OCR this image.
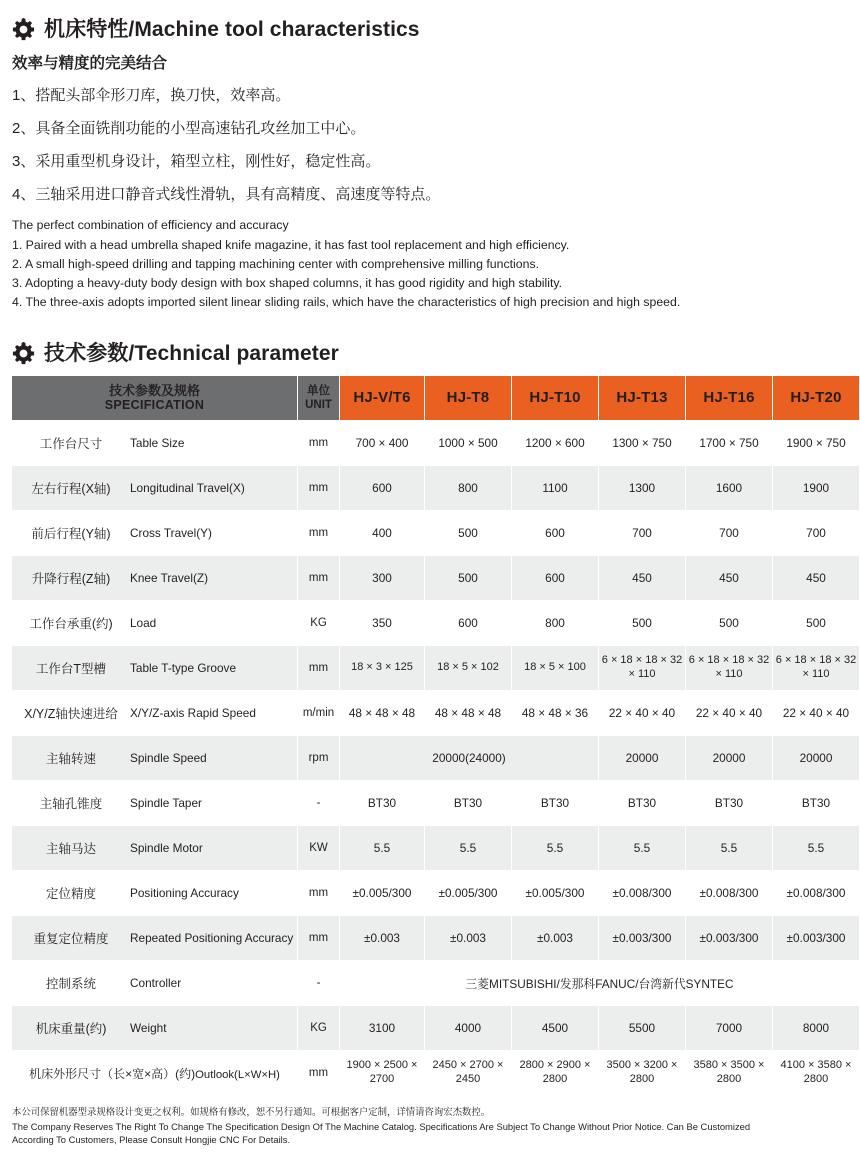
机床特性/Machine tool characteristics
效率与精度的完美结合
1、搭配头部伞形刀库，换刀快，效率高。
2、具备全面铣削功能的小型高速钻孔攻丝加工中心。
3、采用重型机身设计，箱型立柱，刚性好，稳定性高。
4、三轴采用进口静音式线性滑轨，具有高精度、高速度等特点。
The perfect combination of efficiency and accuracy
1. Paired with a head umbrella shaped knife magazine, it has fast tool replacement and high efficiency.
2. A small high-speed drilling and tapping machining center with comprehensive milling functions.
3. Adopting a heavy-duty body design with box shaped columns, it has good rigidity and high stability.
4. The three-axis adopts imported silent linear sliding rails, which have the characteristics of high precision and high speed.
技术参数/Technical parameter
技术参数及规格
SPECIFICATION	单位 UNIT	HJ-V/T6	HJ-T8	HJ-T10	HJ-T13	HJ-T16	HJ-T20

工作台尺寸 Table Size	mm	700 × 400	1000 × 500	1200 × 600	1300 × 750	1700 × 750	1900 × 750

左右行程(X轴) Longitudinal Travel(X)	mm	600	800	1100	1300	1600	1900

前后行程(Y轴) Cross Travel(Y)	mm	400	500	600	700	700	700

升降行程(Z轴) Knee Travel(Z)	mm	300	500	600	450	450	450

工作台承重(约) Load	KG	350	600	800	500	500	500

工作台T型槽 Table T-type Groove	mm	18 × 3 × 125	18 × 5 × 102	18 × 5 × 100	6 × 18 × 18 × 32 × 110	6 × 18 × 18 × 32 × 110	6 × 18 × 18 × 32 × 110

X/Y/Z轴快速进给 X/Y/Z-axis Rapid Speed	m/min	48 × 48 × 48	48 × 48 × 48	48 × 48 × 36	22 × 40 × 40	22 × 40 × 40	22 × 40 × 40

主轴转速 Spindle Speed	rpm	20000(24000)			20000	20000	20000

主轴孔锥度 Spindle Taper	-	BT30	BT30	BT30	BT30	BT30	BT30

主轴马达 Spindle Motor	KW	5.5	5.5	5.5	5.5	5.5	5.5

定位精度 Positioning Accuracy	mm	±0.005/300	±0.005/300	±0.005/300	±0.008/300	±0.008/300	±0.008/300

重复定位精度 Repeated Positioning Accuracy	mm	±0.003	±0.003	±0.003	±0.003/300	±0.003/300	±0.003/300

控制系统 Controller	-	三菱MITSUBISHI/发那科FANUC/台湾新代SYNTEC					

机床重量(约) Weight	KG	3100	4000	4500	5500	7000	8000
机床外形尺寸（长×宽×高）(约)Outlook(L×W×H)	mm	1900 × 2500 × 2700	2450 × 2700 × 2450	2800 × 2900 × 2800	3500 × 3200 × 2800	3580 × 3500 × 2800	4100 × 3580 × 2800
本公司保留机器型录规格设计变更之权利。如规格有修改，恕不另行通知。可根据客户定制，详情请咨询宏杰数控。
The Company Reserves The Right To Change The Specification Design Of The Machine Catalog. Specifications Are Subject To Change Without Prior Notice. Can Be Customized
According To Customers, Please Consult Hongjie CNC For Details.
